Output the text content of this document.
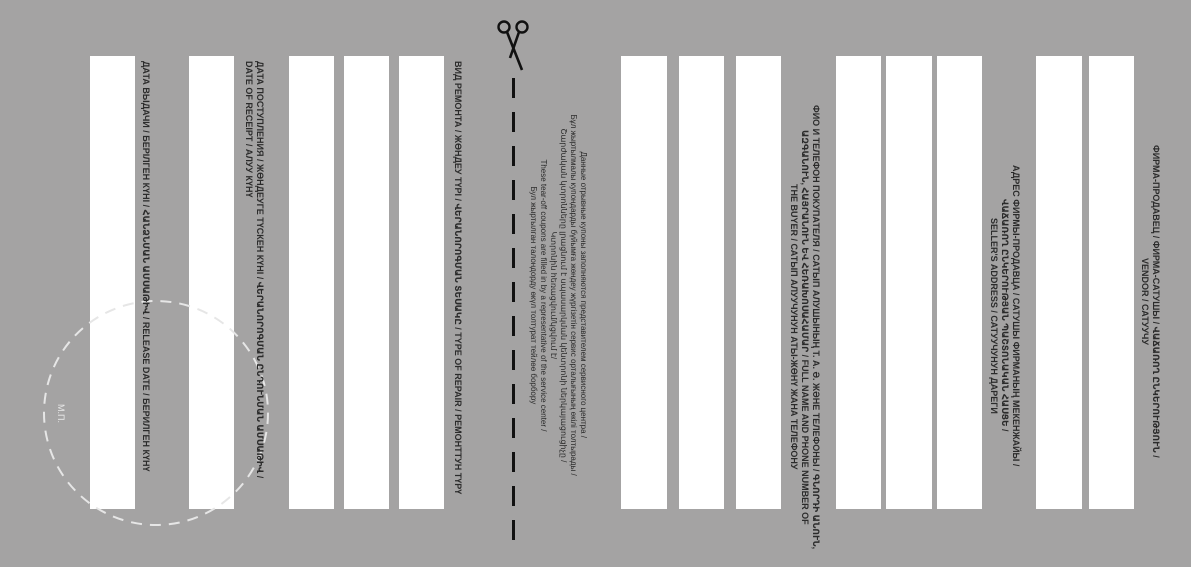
М.П.	ДАТА ВЫДАЧИ / БЕРІЛГЕН КҮНІ / ՀԱՆՁՆՄԱՆ ԱՄՍԱԹԻՎ / RELEASE DATE / БЕРИЛГЕН КҮНҮ	ДАТА ПОСТУПЛЕНИЯ / ЖӨНДЕУГЕ ТҮСКЕН КҮНІ / ՎԵՐԱՆՈՐՈԳՄԱՆ ԸՆԴՈՒՆՄԱՆ ԱՄՍԱԹԻՎ /
DATE OF RECEIPT / АЛУУ КҮНҮ	ВИД РЕМОНТА / ЖӨНДЕУ ТҮРІ / ՎԵՐԱՆՈՐՈԳՄԱՆ ՏԵՍԱԿԸ / TYPE OF REPAIR / РЕМОНТТУН ТҮРҮ	Данные отрывные купоны заполняются представителем сервисного центра /
Бұл жыртылмалы купондарды бүйымға жөндеу жүргізетін сервис орталығының өкілі толтырады /
Շարժական կտրոնները լրացնում է սպասարկման կենտրոնի ներկայացուցիչը /
Կտրոնին հեռացվում/կցվում է/
These tear-off coupons are filled in by a representative of the service center /
Бул жыртылган талондорду өкүл толтурат тейлөө борбору	ФИО И ТЕЛЕФОН ПОКУПАТЕЛЯ / САТЫП АЛУШЫНЫҢ Т. А. Ә. ЖӘНЕ ТЕЛЕФОНЫ / ԳՆՈՐԴԻ ԱՆՈՒՆ,
ԱԶԳԱՆՈՒՆ, ՀԱՅՐԱՆՈՒՆ ԵՎ ՀԵՌԱԽՈՍԱՀԱՄԱՐ / FULL NAME AND PHONE NUMBER OF
THE BUYER / САТЫП АЛУУЧУНУН АТЫ-ЖӨНҮ ЖАНА ТЕЛЕФОНУ	АДРЕС ФИРМЫ-ПРОДАВЦА / САТУШЫ ФИРМАНЫҢ МЕКЕНЖАЙЫ /
ՎԱՃԱՌՈՂ ԸՆԿԵՐՈՒԹՅԱՆ ՊԱՇՏՈՆԱԿԱՆ ՀԱՍՑԵ /
SELLER'S ADDRESS / САТУУЧУНУН ДАРЕГИ	ФИРМА-ПРОДАВЕЦ / ФИРМА-САТУШЫ / ՎԱՃԱՌՈՂ ԸՆԿԵՐՈՒԹՅՈՒՆ /
VENDOR / САТУУЧУ
